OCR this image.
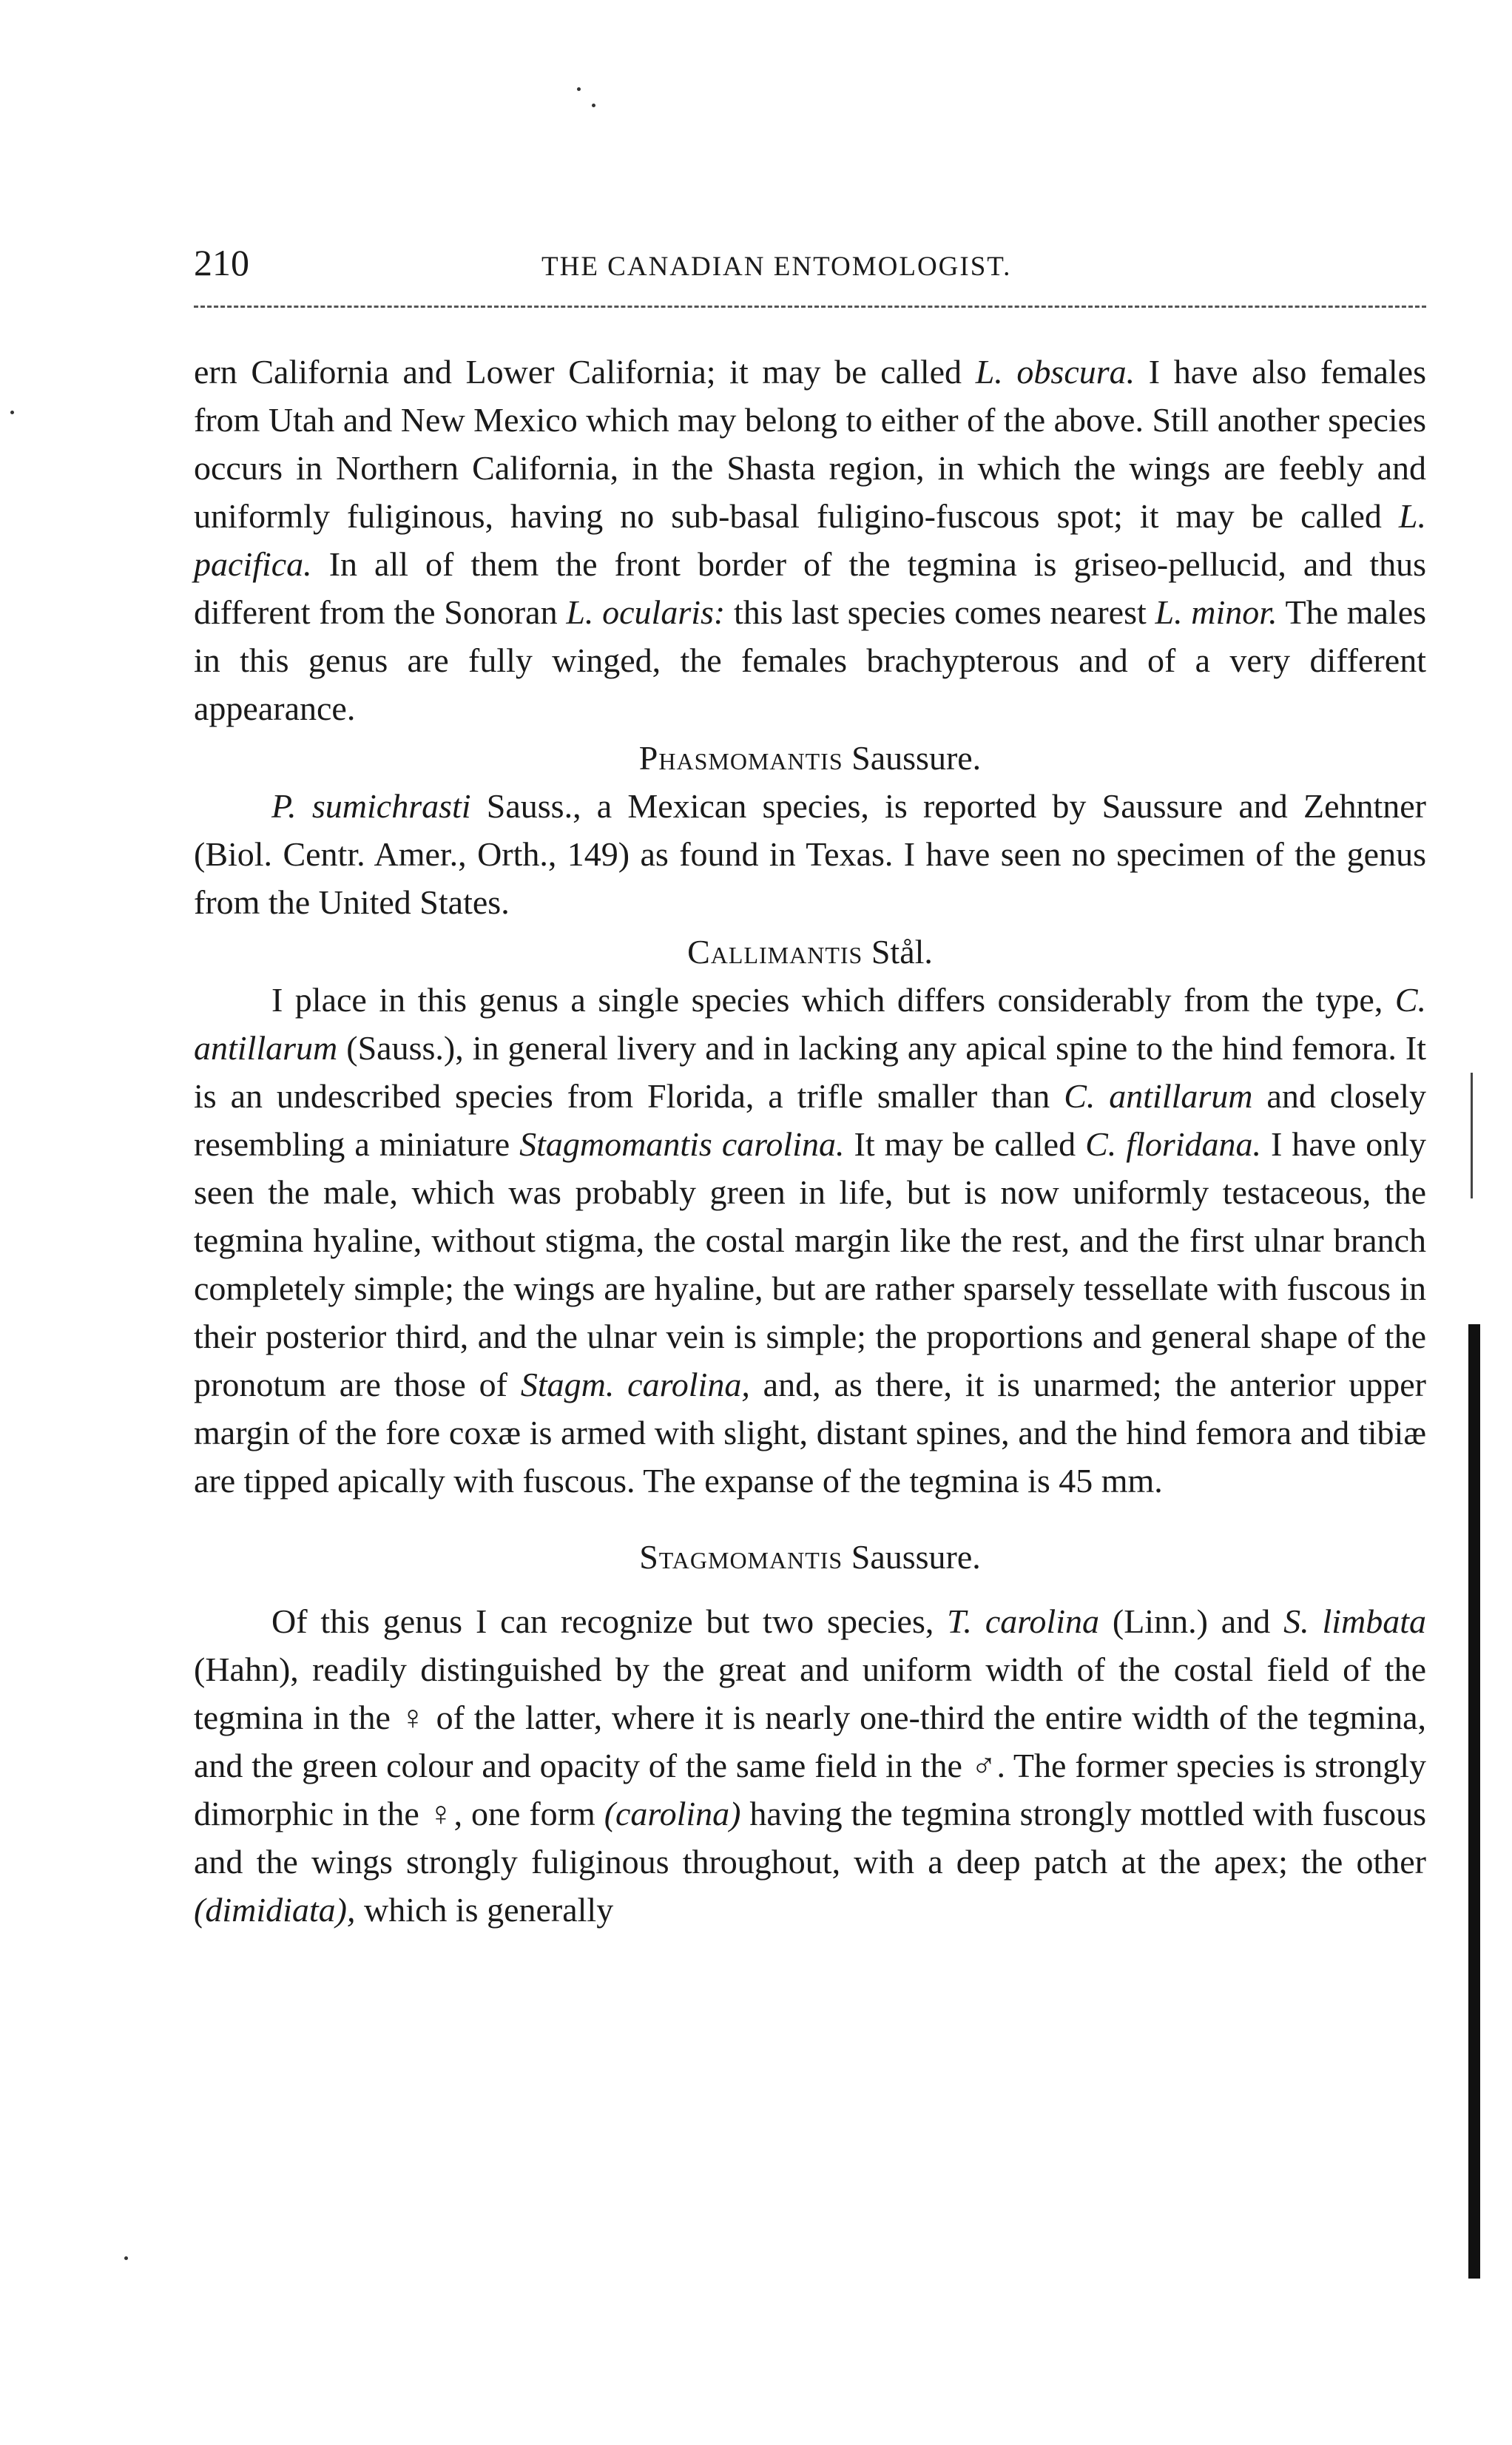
210	THE CANADIAN ENTOMOLOGIST.

ern California and Lower California; it may be called L. obscura. I have also females from Utah and New Mexico which may belong to either of the above. Still another species occurs in Northern California, in the Shasta region, in which the wings are feebly and uniformly fuliginous, having no sub-basal fuligino-fuscous spot; it may be called L. pacifica. In all of them the front border of the tegmina is griseo-pellucid, and thus different from the Sonoran L. ocularis: this last species comes nearest L. minor. The males in this genus are fully winged, the females brachypterous and of a very different appearance.

Phasmomantis Saussure.

P. sumichrasti Sauss., a Mexican species, is reported by Saussure and Zehntner (Biol. Centr. Amer., Orth., 149) as found in Texas. I have seen no specimen of the genus from the United States.

Callimantis Stål.

I place in this genus a single species which differs considerably from the type, C. antillarum (Sauss.), in general livery and in lacking any apical spine to the hind femora. It is an undescribed species from Florida, a trifle smaller than C. antillarum and closely resembling a miniature Stagmomantis carolina. It may be called C. floridana. I have only seen the male, which was probably green in life, but is now uniformly testaceous, the tegmina hyaline, without stigma, the costal margin like the rest, and the first ulnar branch completely simple; the wings are hyaline, but are rather sparsely tessellate with fuscous in their posterior third, and the ulnar vein is simple; the proportions and general shape of the pronotum are those of Stagm. carolina, and, as there, it is unarmed; the anterior upper margin of the fore coxæ is armed with slight, distant spines, and the hind femora and tibiæ are tipped apically with fuscous. The expanse of the tegmina is 45 mm.

Stagmomantis Saussure.

Of this genus I can recognize but two species, T. carolina (Linn.) and S. limbata (Hahn), readily distinguished by the great and uniform width of the costal field of the tegmina in the ♀ of the latter, where it is nearly one-third the entire width of the tegmina, and the green colour and opacity of the same field in the ♂. The former species is strongly dimorphic in the ♀, one form (carolina) having the tegmina strongly mottled with fuscous and the wings strongly fuliginous throughout, with a deep patch at the apex; the other (dimidiata), which is generally
